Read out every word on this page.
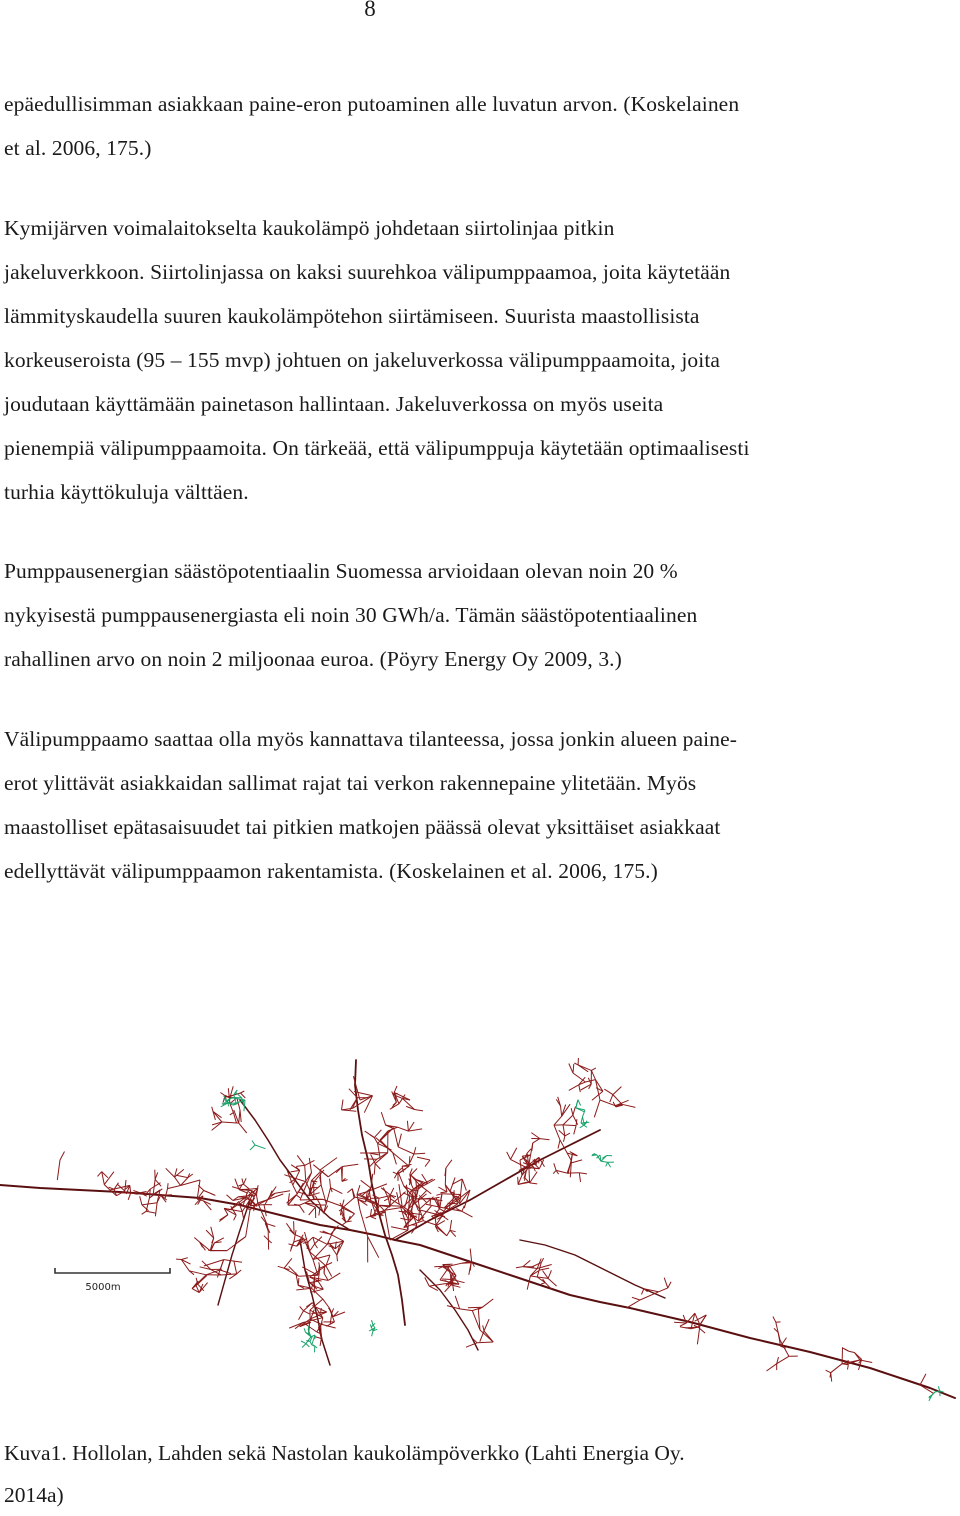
8
epäedullisimman asiakkaan paine-eron putoaminen alle luvatun arvon. (Koskelainen
et al. 2006, 175.)
Kymijärven voimalaitokselta kaukolämpö johdetaan siirtolinjaa pitkin
jakeluverkkoon. Siirtolinjassa on kaksi suurehkoa välipumppaamoa, joita käytetään
lämmityskaudella suuren kaukolämpötehon siirtämiseen. Suurista maastollisista
korkeuseroista (95 – 155 mvp) johtuen on jakeluverkossa välipumppaamoita, joita
joudutaan käyttämään painetason hallintaan. Jakeluverkossa on myös useita
pienempiä välipumppaamoita. On tärkeää, että välipumppuja käytetään optimaalisesti
turhia käyttökuluja välttäen.
Pumppausenergian säästöpotentiaalin Suomessa arvioidaan olevan noin 20 %
nykyisestä pumppausenergiasta eli noin 30 GWh/a. Tämän säästöpotentiaalinen
rahallinen arvo on noin 2 miljoonaa euroa. (Pöyry Energy Oy 2009, 3.)
Välipumppaamo saattaa olla myös kannattava tilanteessa, jossa jonkin alueen paine-
erot ylittävät asiakkaidan sallimat rajat tai verkon rakennepaine ylitetään. Myös
maastolliset epätasaisuudet tai pitkien matkojen päässä olevat yksittäiset asiakkaat
edellyttävät välipumppaamon rakentamista. (Koskelainen et al. 2006, 175.)
5000m
Kuva1. Hollolan, Lahden sekä Nastolan kaukolämpöverkko (Lahti Energia Oy.
2014a)
